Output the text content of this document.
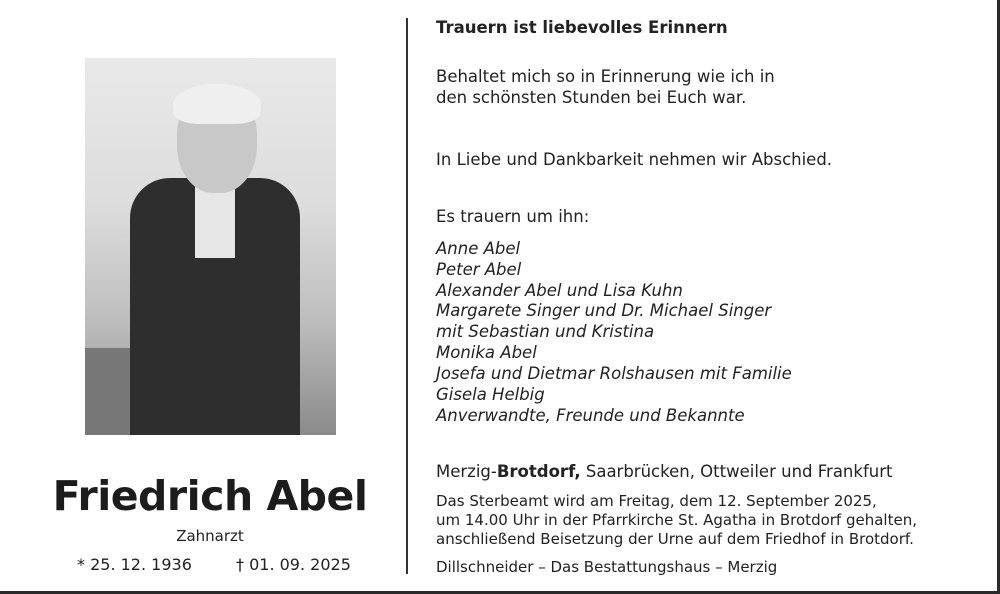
Friedrich Abel
Zahnarzt
* 25. 12. 1936	† 01. 09. 2025
Trauern ist liebevolles Erinnern
Behaltet mich so in Erinnerung wie ich in
den schönsten Stunden bei Euch war.
In Liebe und Dankbarkeit nehmen wir Abschied.
Es trauern um ihn:
Anne Abel
Peter Abel
Alexander Abel und Lisa Kuhn
Margarete Singer und Dr. Michael Singer
mit Sebastian und Kristina
Monika Abel
Josefa und Dietmar Rolshausen mit Familie
Gisela Helbig
Anverwandte, Freunde und Bekannte
Merzig-Brotdorf, Saarbrücken, Ottweiler und Frankfurt
Das Sterbeamt wird am Freitag, dem 12. September 2025,
um 14.00 Uhr in der Pfarrkirche St. Agatha in Brotdorf gehalten,
anschließend Beisetzung der Urne auf dem Friedhof in Brotdorf.
Dillschneider – Das Bestattungshaus – Merzig
